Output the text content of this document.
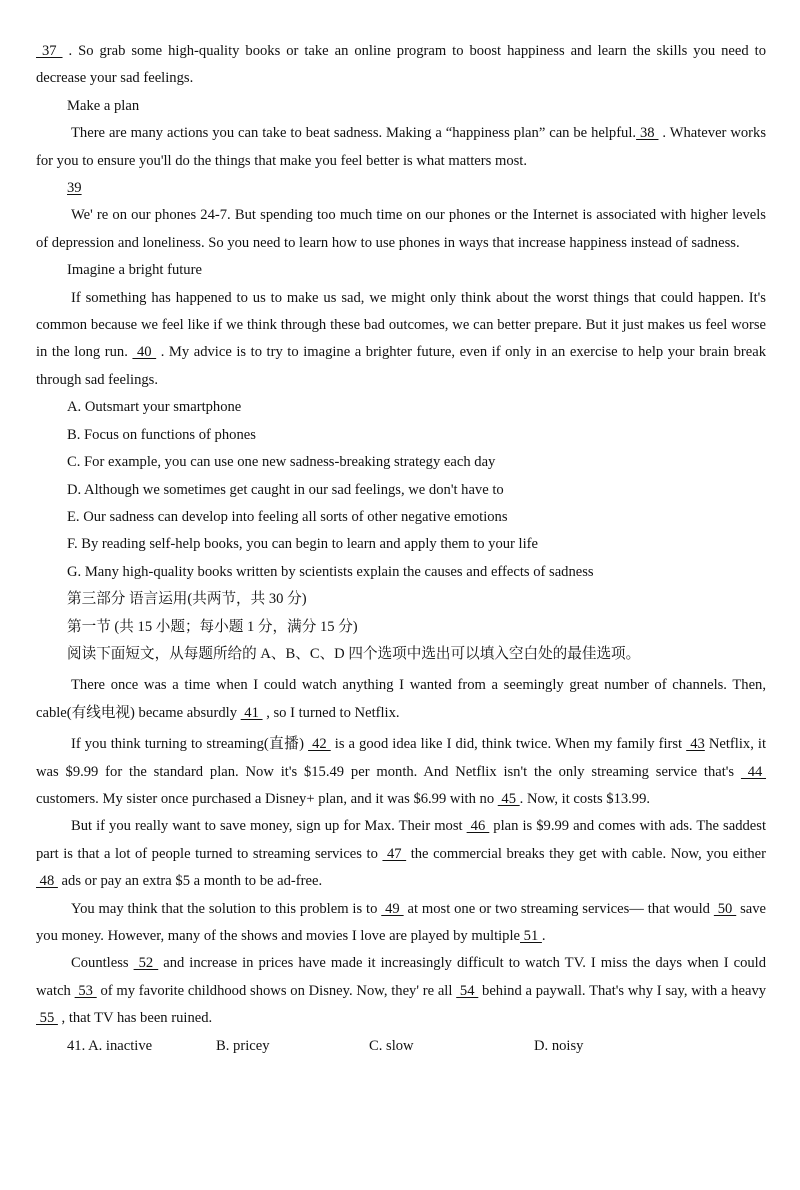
37  . So grab some high-quality books or take an online program to boost happiness and learn the skills you need to decrease your sad feelings.

Make a plan

There are many actions you can take to beat sadness. Making a “happiness plan” can be helpful. 38  . Whatever works for you to ensure you'll do the things that make you feel better is what matters most.

39

We' re on our phones 24-7. But spending too much time on our phones or the Internet is associated with higher levels of depression and loneliness. So you need to learn how to use phones in ways that increase happiness instead of sadness.

Imagine a bright future

If something has happened to us to make us sad, we might only think about the worst things that could happen. It's common because we feel like if we think through these bad outcomes, we can better prepare. But it just makes us feel worse in the long run.  40  . My advice is to try to imagine a brighter future, even if only in an exercise to help your brain break through sad feelings.

A. Outsmart your smartphone

B. Focus on functions of phones

C. For example, you can use one new sadness-breaking strategy each day

D. Although we sometimes get caught in our sad feelings, we don't have to

E. Our sadness can develop into feeling all sorts of other negative emotions

F. By reading self-help books, you can begin to learn and apply them to your life

G. Many high-quality books written by scientists explain the causes and effects of sadness

第三部分 语言运用(共两节，共 30 分)

第一节 (共 15 小题；每小题 1 分，满分 15 分)

阅读下面短文，从每题所给的 A、B、C、D 四个选项中选出可以填入空白处的最佳选项。

There once was a time when I could watch anything I wanted from a seemingly great number of channels. Then, cable(有线电视) became absurdly  41  , so I turned to Netflix.

If you think turning to streaming(直播)  42  is a good idea like I did, think twice. When my family first  43 Netflix, it was $9.99 for the standard plan. Now it's $15.49 per month. And Netflix isn't the only streaming service that's  44  customers. My sister once purchased a Disney+ plan, and it was $6.99 with no  45 . Now, it costs $13.99.

But if you really want to save money, sign up for Max. Their most  46  plan is $9.99 and comes with ads. The saddest part is that a lot of people turned to streaming services to  47  the commercial breaks they get with cable. Now, you either  48  ads or pay an extra $5 a month to be ad-free.

You may think that the solution to this problem is to  49  at most one or two streaming services— that would  50  save you money. However, many of the shows and movies I love are played by multiple 51 .

Countless  52  and increase in prices have made it increasingly difficult to watch TV. I miss the days when I could watch  53  of my favorite childhood shows on Disney. Now, they' re all  54  behind a paywall. That's why I say, with a heavy  55  , that TV has been ruined.

41. A. inactive	B. pricey	C. slow	D. noisy
